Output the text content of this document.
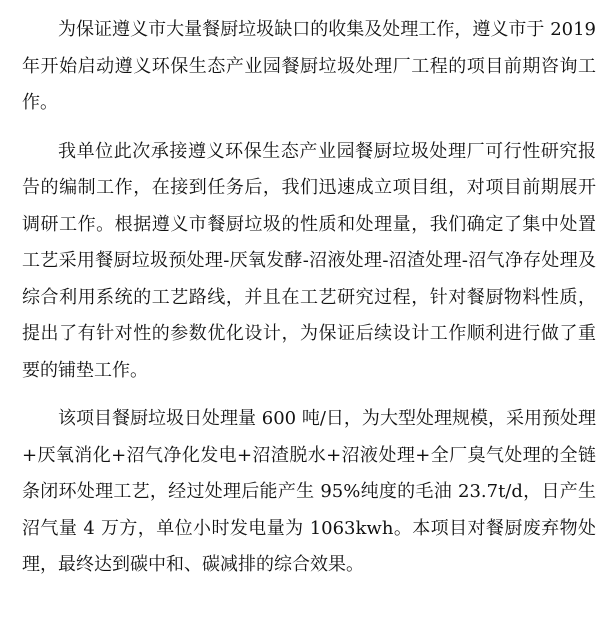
为保证遵义市大量餐厨垃圾缺口的收集及处理工作，遵义市于 2019 年开始启动遵义环保生态产业园餐厨垃圾处理厂工程的项目前期咨询工作。

我单位此次承接遵义环保生态产业园餐厨垃圾处理厂可行性研究报告的编制工作，在接到任务后，我们迅速成立项目组，对项目前期展开调研工作。根据遵义市餐厨垃圾的性质和处理量，我们确定了集中处置工艺采用餐厨垃圾预处理-厌氧发酵-沼液处理-沼渣处理-沼气净存处理及综合利用系统的工艺路线，并且在工艺研究过程，针对餐厨物料性质，提出了有针对性的参数优化设计，为保证后续设计工作顺利进行做了重要的铺垫工作。

该项目餐厨垃圾日处理量 600 吨/日，为大型处理规模，采用预处理+厌氧消化+沼气净化发电+沼渣脱水+沼液处理+全厂臭气处理的全链条闭环处理工艺，经过处理后能产生 95%纯度的毛油 23.7t/d，日产生沼气量 4 万方，单位小时发电量为 1063kwh。本项目对餐厨废弃物处理，最终达到碳中和、碳减排的综合效果。
